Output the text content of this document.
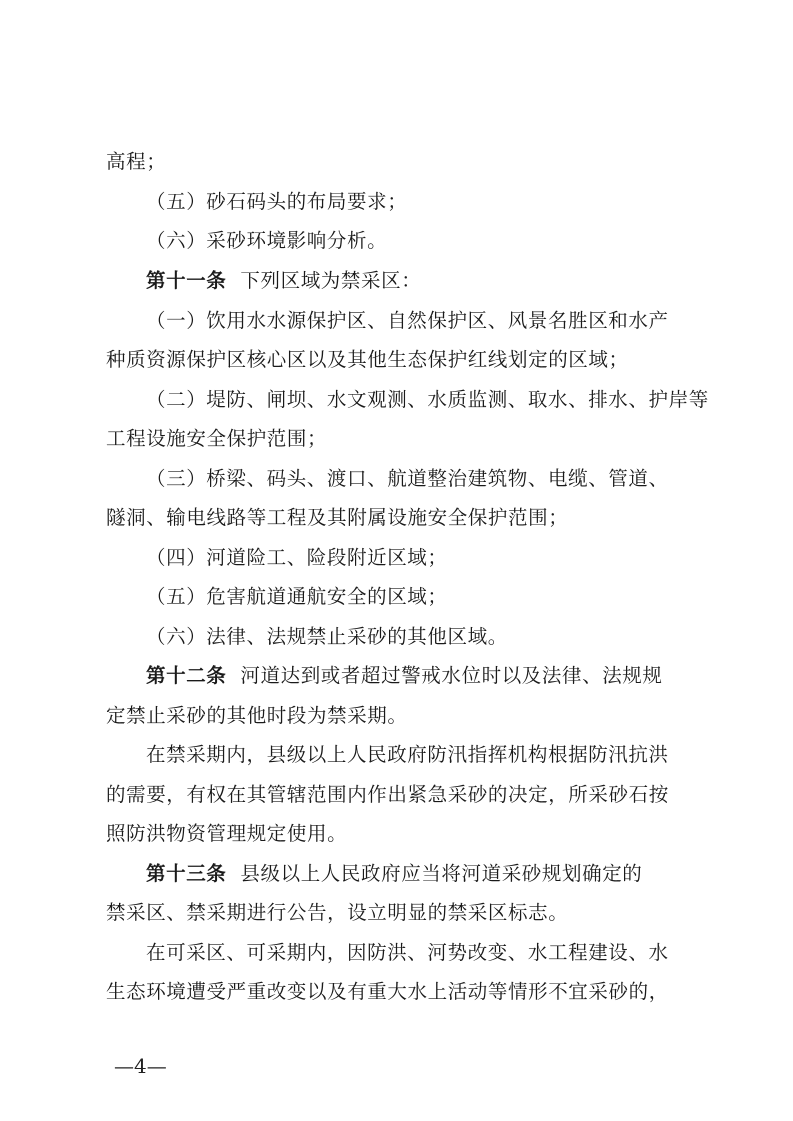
高程；
（五）砂石码头的布局要求；
（六）采砂环境影响分析。
第十一条 下列区域为禁采区：
（一）饮用水水源保护区、自然保护区、风景名胜区和水产
种质资源保护区核心区以及其他生态保护红线划定的区域；
（二）堤防、闸坝、水文观测、水质监测、取水、排水、护岸等
工程设施安全保护范围；
（三）桥梁、码头、渡口、航道整治建筑物、电缆、管道、
隧洞、输电线路等工程及其附属设施安全保护范围；
（四）河道险工、险段附近区域；
（五）危害航道通航安全的区域；
（六）法律、法规禁止采砂的其他区域。
第十二条 河道达到或者超过警戒水位时以及法律、法规规
定禁止采砂的其他时段为禁采期。
在禁采期内，县级以上人民政府防汛指挥机构根据防汛抗洪
的需要，有权在其管辖范围内作出紧急采砂的决定，所采砂石按
照防洪物资管理规定使用。
第十三条 县级以上人民政府应当将河道采砂规划确定的
禁采区、禁采期进行公告，设立明显的禁采区标志。
在可采区、可采期内，因防洪、河势改变、水工程建设、水
生态环境遭受严重改变以及有重大水上活动等情形不宜采砂的，
—4—
